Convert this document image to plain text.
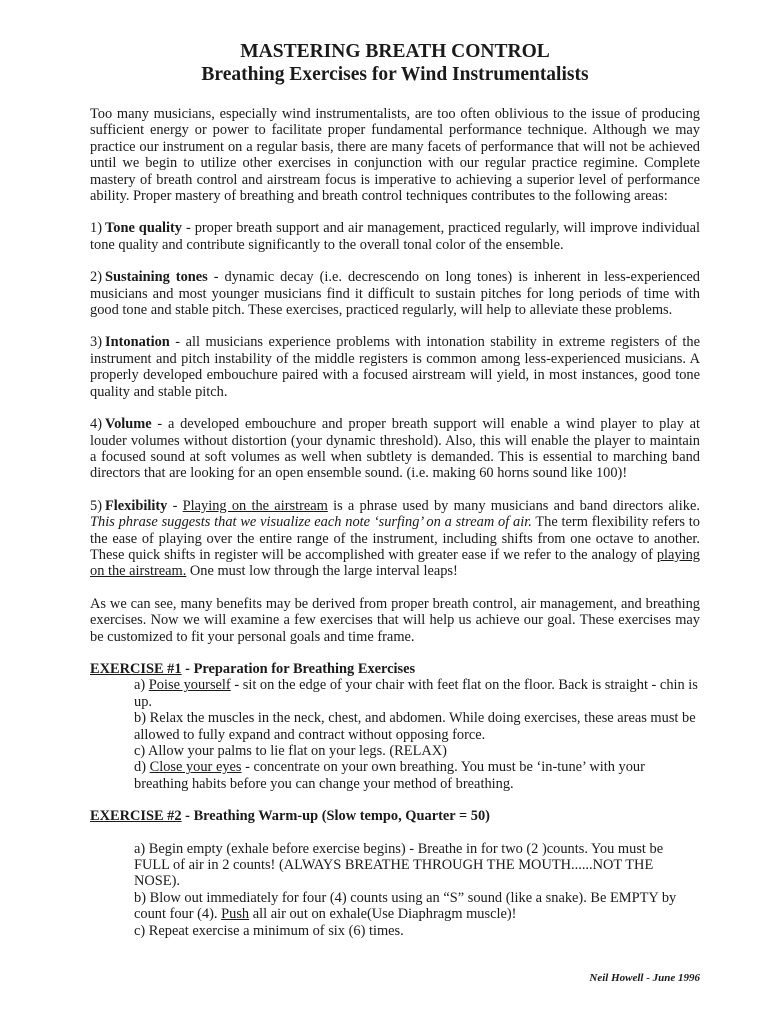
MASTERING BREATH CONTROL
Breathing Exercises for Wind Instrumentalists

Too many musicians, especially wind instrumentalists, are too often oblivious to the issue of producing sufficient energy or power to facilitate proper fundamental performance technique. Although we may practice our instrument on a regular basis, there are many facets of performance that will not be achieved until we begin to utilize other exercises in conjunction with our regular practice regimine. Complete mastery of breath control and airstream focus is imperative to achieving a superior level of performance ability. Proper mastery of breathing and breath control techniques contributes to the following areas:

1) Tone quality - proper breath support and air management, practiced regularly, will improve individual tone quality and contribute significantly to the overall tonal color of the ensemble.

2) Sustaining tones - dynamic decay (i.e. decrescendo on long tones) is inherent in less-experienced musicians and most younger musicians find it difficult to sustain pitches for long periods of time with good tone and stable pitch. These exercises, practiced regularly, will help to alleviate these problems.

3) Intonation - all musicians experience problems with intonation stability in extreme registers of the instrument and pitch instability of the middle registers is common among less-experienced musicians. A properly developed embouchure paired with a focused airstream will yield, in most instances, good tone quality and stable pitch.

4) Volume - a developed embouchure and proper breath support will enable a wind player to play at louder volumes without distortion (your dynamic threshold). Also, this will enable the player to maintain a focused sound at soft volumes as well when subtlety is demanded. This is essential to marching band directors that are looking for an open ensemble sound. (i.e. making 60 horns sound like 100)!

5) Flexibility - Playing on the airstream is a phrase used by many musicians and band directors alike. This phrase suggests that we visualize each note ‘surfing’ on a stream of air. The term flexibility refers to the ease of playing over the entire range of the instrument, including shifts from one octave to another. These quick shifts in register will be accomplished with greater ease if we refer to the analogy of playing on the airstream. One must low through the large interval leaps!

As we can see, many benefits may be derived from proper breath control, air management, and breathing exercises. Now we will examine a few exercises that will help us achieve our goal. These exercises may be customized to fit your personal goals and time frame.

EXERCISE #1 - Preparation for Breathing Exercises

a) Poise yourself - sit on the edge of your chair with feet flat on the floor. Back is straight - chin is up.

b) Relax the muscles in the neck, chest, and abdomen. While doing exercises, these areas must be allowed to fully expand and contract without opposing force.

c) Allow your palms to lie flat on your legs. (RELAX)

d) Close your eyes - concentrate on your own breathing. You must be ‘in-tune’ with your breathing habits before you can change your method of breathing.

EXERCISE #2 - Breathing Warm-up (Slow tempo, Quarter = 50)

a) Begin empty (exhale before exercise begins) - Breathe in for two (2 )counts. You must be FULL of air in 2 counts! (ALWAYS BREATHE THROUGH THE MOUTH......NOT THE NOSE).

b) Blow out immediately for four (4) counts using an “S” sound (like a snake). Be EMPTY by count four (4). Push all air out on exhale(Use Diaphragm muscle)!

c) Repeat exercise a minimum of six (6) times.

Neil Howell - June 1996
